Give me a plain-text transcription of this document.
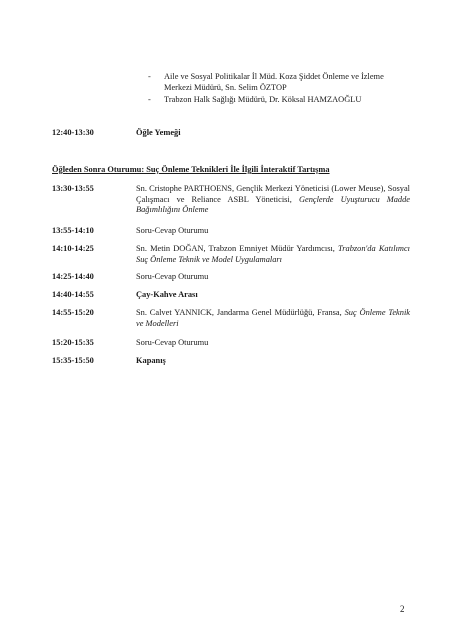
- Aile ve Sosyal Politikalar İl Müd. Koza Şiddet Önleme ve İzleme Merkezi Müdürü, Sn. Selim ÖZTOP
- Trabzon Halk Sağlığı Müdürü, Dr. Köksal HAMZAOĞLU
12:40-13:30	Öğle Yemeği
Öğleden Sonra Oturumu: Suç Önleme Teknikleri İle İlgili İnteraktif Tartışma
13:30-13:55	Sn. Cristophe PARTHOENS, Gençlik Merkezi Yöneticisi (Lower Meuse), Sosyal Çalışmacı ve Reliance ASBL Yöneticisi, Gençlerde Uyuşturucu Madde Bağımlılığını Önleme
13:55-14:10	Soru-Cevap Oturumu
14:10-14:25	Sn. Metin DOĞAN, Trabzon Emniyet Müdür Yardımcısı, Trabzon'da Katılımcı Suç Önleme Teknik ve Model Uygulamaları
14:25-14:40	Soru-Cevap Oturumu
14:40-14:55	Çay-Kahve Arası
14:55-15:20	Sn. Calvet YANNICK, Jandarma Genel Müdürlüğü, Fransa, Suç Önleme Teknik ve Modelleri
15:20-15:35	Soru-Cevap Oturumu
15:35-15:50	Kapanış
2
